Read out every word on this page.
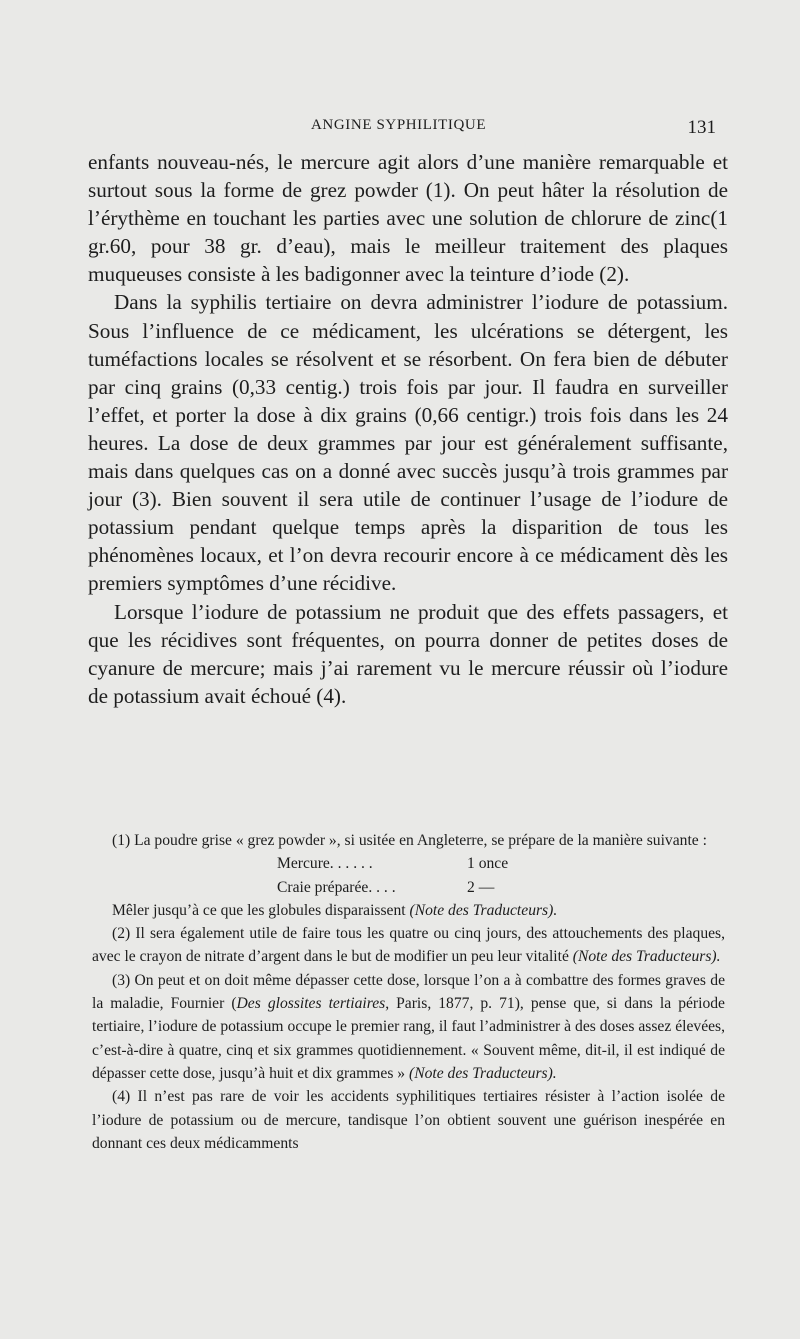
ANGINE SYPHILITIQUE	131

enfants nouveau-nés, le mercure agit alors d’une manière remarquable et surtout sous la forme de grez powder (1). On peut hâter la résolution de l’érythème en touchant les parties avec une solution de chlorure de zinc(1 gr.60, pour 38 gr. d’eau), mais le meilleur traitement des plaques muqueuses consiste à les badigonner avec la teinture d’iode (2).

Dans la syphilis tertiaire on devra administrer l’iodure de potassium. Sous l’influence de ce médicament, les ulcérations se détergent, les tuméfactions locales se résolvent et se résorbent. On fera bien de débuter par cinq grains (0,33 centig.) trois fois par jour. Il faudra en surveiller l’effet, et porter la dose à dix grains (0,66 centigr.) trois fois dans les 24 heures. La dose de deux grammes par jour est généralement suffisante, mais dans quelques cas on a donné avec succès jusqu’à trois grammes par jour (3). Bien souvent il sera utile de continuer l’usage de l’iodure de potassium pendant quelque temps après la disparition de tous les phénomènes locaux, et l’on devra recourir encore à ce médicament dès les premiers symptômes d’une récidive.

Lorsque l’iodure de potassium ne produit que des effets passagers, et que les récidives sont fréquentes, on pourra donner de petites doses de cyanure de mercure; mais j’ai rarement vu le mercure réussir où l’iodure de potassium avait échoué (4).

(1) La poudre grise « grez powder », si usitée en Angleterre, se prépare de la manière suivante :

Mercure. . . . . .	1 once
Craie préparée. . . .	2 —

Mêler jusqu’à ce que les globules disparaissent (Note des Traducteurs).

(2) Il sera également utile de faire tous les quatre ou cinq jours, des attouchements des plaques, avec le crayon de nitrate d’argent dans le but de modifier un peu leur vitalité (Note des Traducteurs).

(3) On peut et on doit même dépasser cette dose, lorsque l’on a à combattre des formes graves de la maladie, Fournier (Des glossites tertiaires, Paris, 1877, p. 71), pense que, si dans la période tertiaire, l’iodure de potassium occupe le premier rang, il faut l’administrer à des doses assez élevées, c’est-à-dire à quatre, cinq et six grammes quotidiennement. « Souvent même, dit-il, il est indiqué de dépasser cette dose, jusqu’à huit et dix grammes » (Note des Traducteurs).

(4) Il n’est pas rare de voir les accidents syphilitiques tertiaires résister à l’action isolée de l’iodure de potassium ou de mercure, tandisque l’on obtient souvent une guérison inespérée en donnant ces deux médicamments
